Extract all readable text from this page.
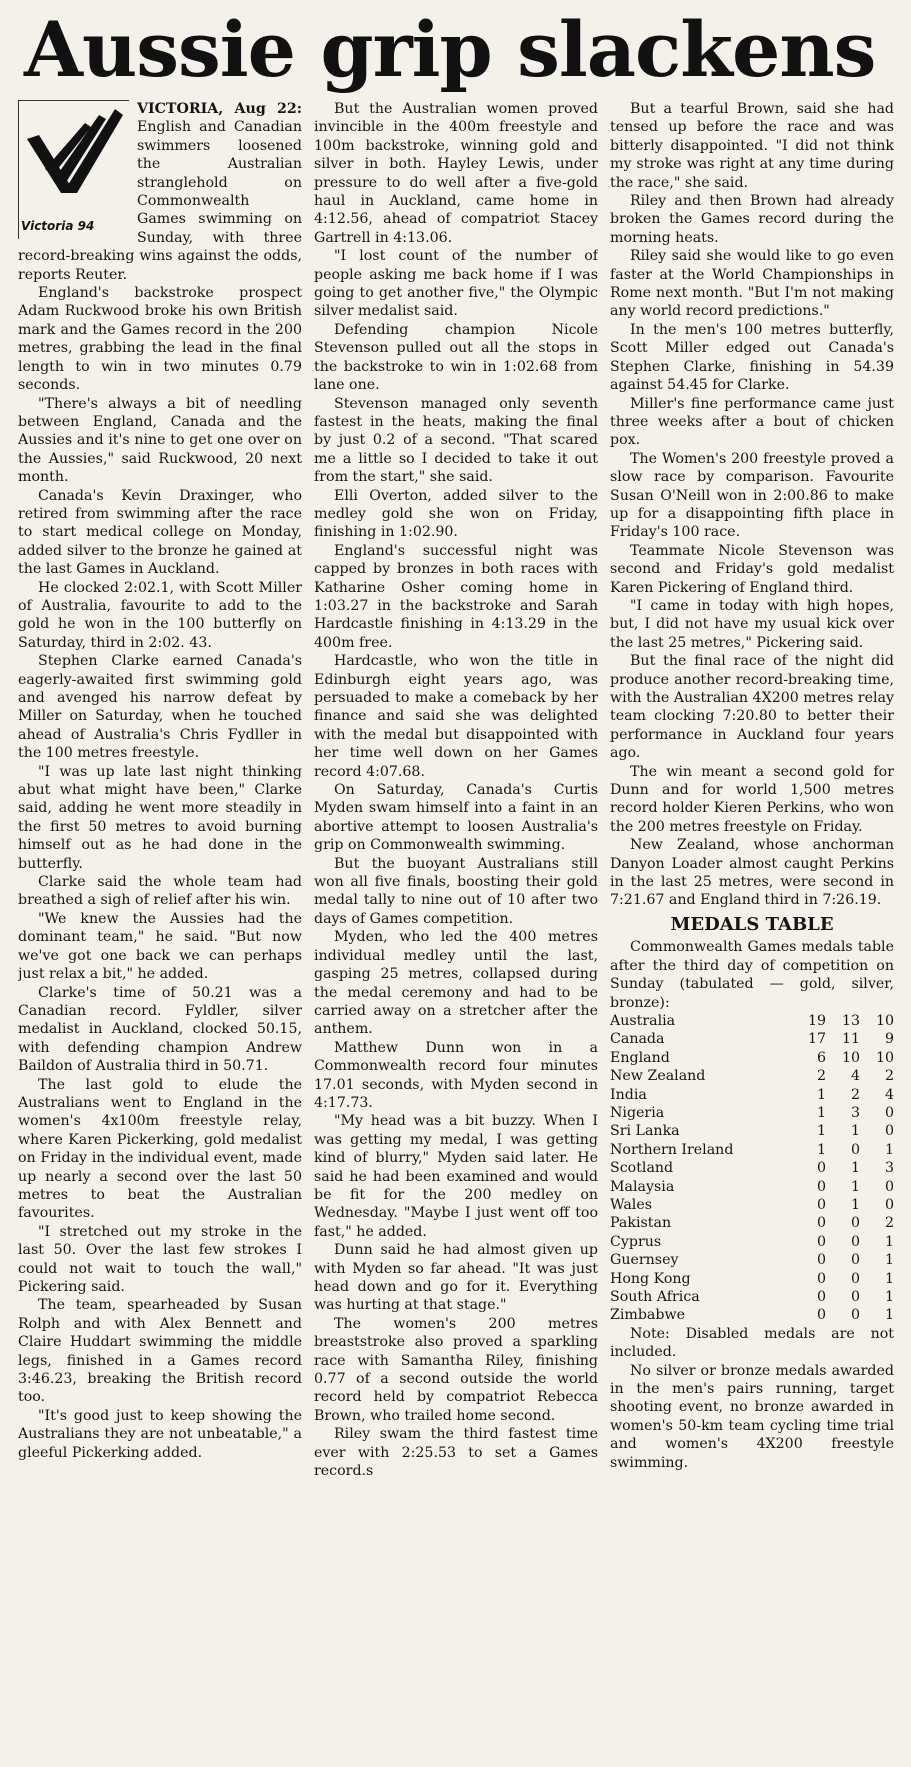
Aussie grip slackens
Victoria 94

VICTORIA, Aug 22: English and Canadian swimmers loosened the Australian stranglehold on Commonwealth Games swimming on Sunday, with three record-breaking wins against the odds, reports Reuter.

England's backstroke prospect Adam Ruckwood broke his own British mark and the Games record in the 200 metres, grabbing the lead in the final length to win in two minutes 0.79 seconds.

"There's always a bit of needling between England, Canada and the Aussies and it's nine to get one over on the Aussies," said Ruckwood, 20 next month.

Canada's Kevin Draxinger, who retired from swimming after the race to start medical college on Monday, added silver to the bronze he gained at the last Games in Auckland.

He clocked 2:02.1, with Scott Miller of Australia, favourite to add to the gold he won in the 100 butterfly on Saturday, third in 2:02. 43.

Stephen Clarke earned Canada's eagerly-awaited first swimming gold and avenged his narrow defeat by Miller on Saturday, when he touched ahead of Australia's Chris Fydller in the 100 metres freestyle.

"I was up late last night thinking abut what might have been," Clarke said, adding he went more steadily in the first 50 metres to avoid burning himself out as he had done in the butterfly.

Clarke said the whole team had breathed a sigh of relief after his win.

"We knew the Aussies had the dominant team," he said. "But now we've got one back we can perhaps just relax a bit," he added.

Clarke's time of 50.21 was a Canadian record. Fyldler, silver medalist in Auckland, clocked 50.15, with defending champion Andrew Baildon of Australia third in 50.71.

The last gold to elude the Australians went to England in the women's 4x100m freestyle relay, where Karen Pickerking, gold medalist on Friday in the individual event, made up nearly a second over the last 50 metres to beat the Australian favourites.

"I stretched out my stroke in the last 50. Over the last few strokes I could not wait to touch the wall," Pickering said.

The team, spearheaded by Susan Rolph and with Alex Bennett and Claire Huddart swimming the middle legs, finished in a Games record 3:46.23, breaking the British record too.

"It's good just to keep showing the Australians they are not unbeatable," a gleeful Pickerking added.

But the Australian women proved invincible in the 400m freestyle and 100m backstroke, winning gold and silver in both. Hayley Lewis, under pressure to do well after a five-gold haul in Auckland, came home in 4:12.56, ahead of compatriot Stacey Gartrell in 4:13.06.

"I lost count of the number of people asking me back home if I was going to get another five," the Olympic silver medalist said.

Defending champion Nicole Stevenson pulled out all the stops in the backstroke to win in 1:02.68 from lane one.

Stevenson managed only seventh fastest in the heats, making the final by just 0.2 of a second. "That scared me a little so I decided to take it out from the start," she said.

Elli Overton, added silver to the medley gold she won on Friday, finishing in 1:02.90.

England's successful night was capped by bronzes in both races with Katharine Osher coming home in 1:03.27 in the backstroke and Sarah Hardcastle finishing in 4:13.29 in the 400m free.

Hardcastle, who won the title in Edinburgh eight years ago, was persuaded to make a comeback by her finance and said she was delighted with the medal but disappointed with her time well down on her Games record 4:07.68.

On Saturday, Canada's Curtis Myden swam himself into a faint in an abortive attempt to loosen Australia's grip on Commonwealth swimming.

But the buoyant Australians still won all five finals, boosting their gold medal tally to nine out of 10 after two days of Games competition.

Myden, who led the 400 metres individual medley until the last, gasping 25 metres, collapsed during the medal ceremony and had to be carried away on a stretcher after the anthem.

Matthew Dunn won in a Commonwealth record four minutes 17.01 seconds, with Myden second in 4:17.73.

"My head was a bit buzzy. When I was getting my medal, I was getting kind of blurry," Myden said later. He said he had been examined and would be fit for the 200 medley on Wednesday. "Maybe I just went off too fast," he added.

Dunn said he had almost given up with Myden so far ahead. "It was just head down and go for it. Everything was hurting at that stage."

The women's 200 metres breaststroke also proved a sparkling race with Samantha Riley, finishing 0.77 of a second outside the world record held by compatriot Rebecca Brown, who trailed home second.

Riley swam the third fastest time ever with 2:25.53 to set a Games record.s

But a tearful Brown, said she had tensed up before the race and was bitterly disappointed. "I did not think my stroke was right at any time during the race," she said.

Riley and then Brown had already broken the Games record during the morning heats.

Riley said she would like to go even faster at the World Championships in Rome next month. "But I'm not making any world record predictions."

In the men's 100 metres butterfly, Scott Miller edged out Canada's Stephen Clarke, finishing in 54.39 against 54.45 for Clarke.

Miller's fine performance came just three weeks after a bout of chicken pox.

The Women's 200 freestyle proved a slow race by comparison. Favourite Susan O'Neill won in 2:00.86 to make up for a disappointing fifth place in Friday's 100 race.

Teammate Nicole Stevenson was second and Friday's gold medalist Karen Pickering of England third.

"I came in today with high hopes, but, I did not have my usual kick over the last 25 metres," Pickering said.

But the final race of the night did produce another record-breaking time, with the Australian 4X200 metres relay team clocking 7:20.80 to better their performance in Auckland four years ago.

The win meant a second gold for Dunn and for world 1,500 metres record holder Kieren Perkins, who won the 200 metres freestyle on Friday.

New Zealand, whose anchorman Danyon Loader almost caught Perkins in the last 25 metres, were second in 7:21.67 and England third in 7:26.19.

MEDALS TABLE

Commonwealth Games medals table after the third day of competition on Sunday (tabulated — gold, silver, bronze):

Australia	19	13	10
Canada	17	11	9
England	6	10	10
New Zealand	2	4	2
India	1	2	4
Nigeria	1	3	0
Sri Lanka	1	1	0
Northern Ireland	1	0	1
Scotland	0	1	3
Malaysia	0	1	0
Wales	0	1	0
Pakistan	0	0	2
Cyprus	0	0	1
Guernsey	0	0	1
Hong Kong	0	0	1
South Africa	0	0	1
Zimbabwe	0	0	1

Note: Disabled medals are not included.

No silver or bronze medals awarded in the men's pairs running, target shooting event, no bronze awarded in women's 50-km team cycling time trial and women's 4X200 freestyle swimming.
